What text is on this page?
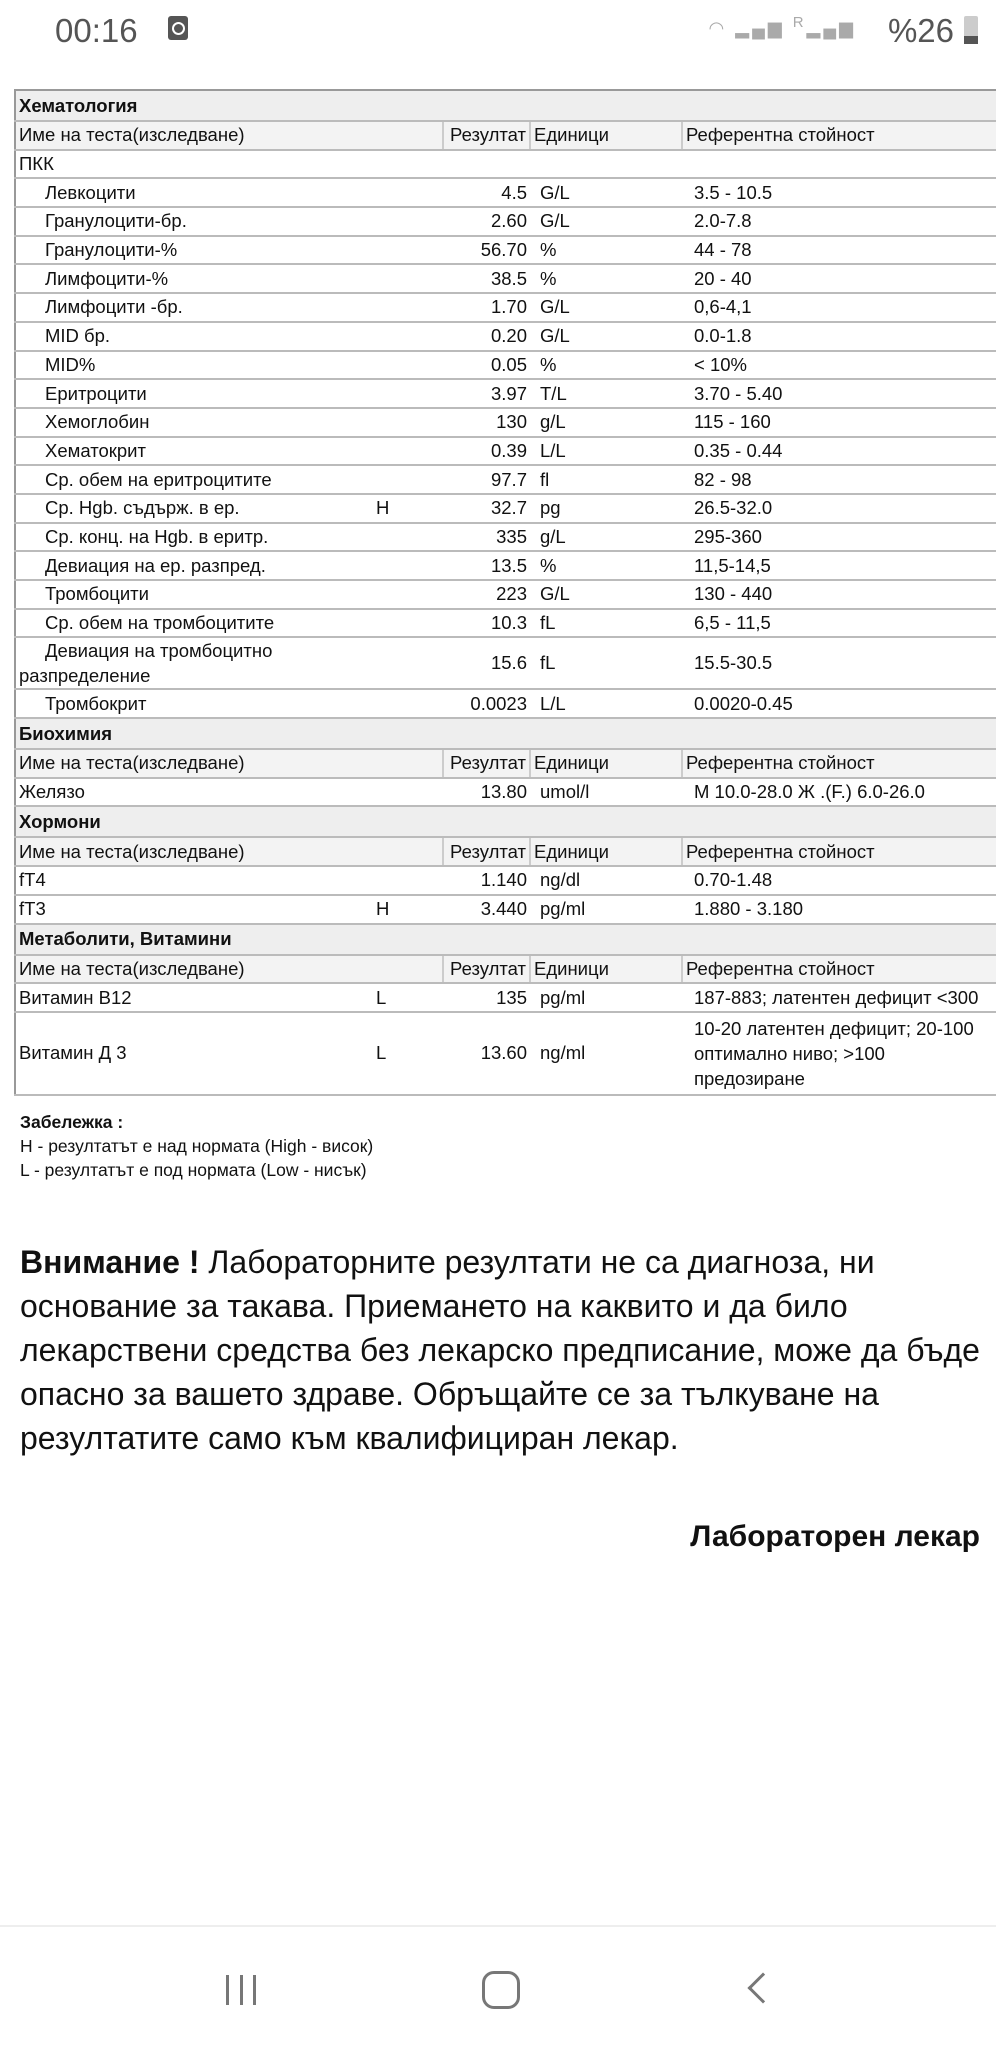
00:16	◠ ▂▄▆ $^R$▂▄▆ %26
Хематология				
Име на теста(изследване)		Резултат	Единици	Референтна стойност
ПКК				
Левкоцити		4.5	G/L	3.5 - 10.5
Гранулоцити-бр.		2.60	G/L	2.0-7.8
Гранулоцити-%		56.70	%	44 - 78
Лимфоцити-%		38.5	%	20 - 40
Лимфоцити -бр.		1.70	G/L	0,6-4,1
MID бр.		0.20	G/L	0.0-1.8
MID%		0.05	%	< 10%
Еритроцити		3.97	T/L	3.70 - 5.40
Хемоглобин		130	g/L	115 - 160
Хематокрит		0.39	L/L	0.35 - 0.44
Ср. обем на еритроцитите		97.7	fl	82 - 98
Ср. Hgb. съдърж. в ер.	H	32.7	pg	26.5-32.0
Ср. конц. на Hgb. в еритр.		335	g/L	295-360
Девиация на ер. разпред.		13.5	%	11,5-14,5
Тромбоцити		223	G/L	130 - 440
Ср. обем на тромбоцитите		10.3	fL	6,5 - 11,5
Девиация на тромбоцитно разпределение		15.6	fL	15.5-30.5
Тромбокрит		0.0023	L/L	0.0020-0.45
Биохимия				
Име на теста(изследване)		Резултат	Единици	Референтна стойност
Желязо		13.80	umol/l	М 10.0-28.0 Ж .(F.) 6.0-26.0
Хормони				
Име на теста(изследване)		Резултат	Единици	Референтна стойност
fT4		1.140	ng/dl	0.70-1.48
fT3	H	3.440	pg/ml	1.880 - 3.180
Метаболити, Витамини				
Име на теста(изследване)		Резултат	Единици	Референтна стойност
Витамин В12	L	135	pg/ml	187-883; латентен дефицит <300
Витамин Д 3	L	13.60	ng/ml	10-20 латентен дефицит; 20-100 оптимално ниво; >100 предозиране
Забележка :
H - резултатът е над нормата (High - висок)
L - резултатът е под нормата (Low - нисък)
Внимание ! Лабораторните резултати не са диагноза, ни основание за такава. Приемането на каквито и да било лекарствени средства без лекарско предписание, може да бъде опасно за вашето здраве. Обръщайте се за тълкуване на резултатите само към квалифициран лекар.
Лабораторен лекар
